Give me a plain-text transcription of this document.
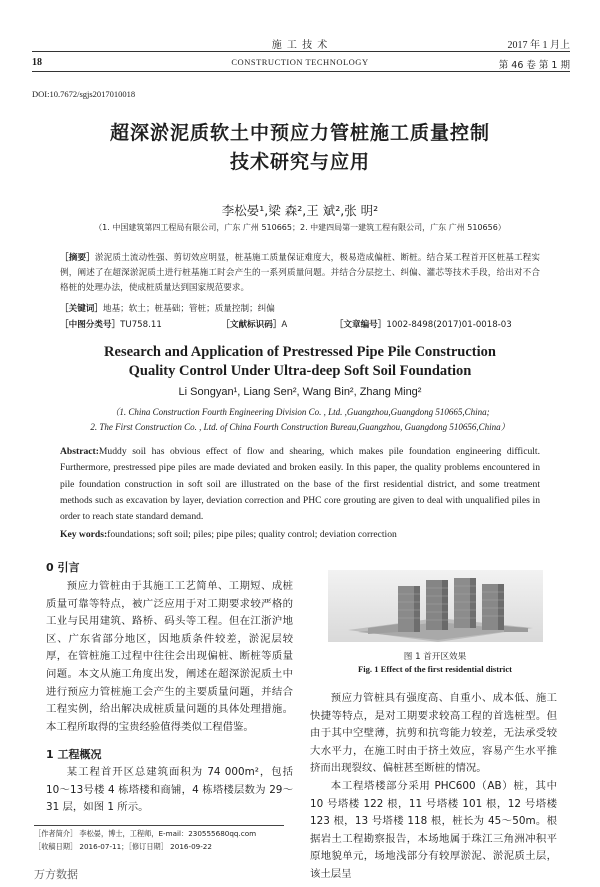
施 工 技 术	2017 年 1 月上
18	CONSTRUCTION TECHNOLOGY	第 46 卷 第 1 期
DOI:10.7672/sgjs2017010018
超深淤泥质软土中预应力管桩施工质量控制
技术研究与应用
李松晏¹,梁 森²,王 斌²,张 明²
（1. 中国建筑第四工程局有限公司，广东 广州 510665；2. 中建四局第一建筑工程有限公司，广东 广州 510656）
［摘要］淤泥质土流动性强、剪切效应明显，桩基施工质量保证难度大，极易造成偏桩、断桩。结合某工程首开区桩基工程实例，阐述了在超深淤泥质土进行桩基施工时会产生的一系列质量问题。并结合分层挖土、纠偏、灌芯等技术手段，给出对不合格桩的处理办法，使成桩质量达到国家规范要求。
［关键词］地基；软土；桩基础；管桩；质量控制；纠偏
［中图分类号］TU758.11	［文献标识码］A	［文章编号］1002-8498(2017)01-0018-03
Research and Application of Prestressed Pipe Pile Construction
Quality Control Under Ultra-deep Soft Soil Foundation
Li Songyan¹, Liang Sen², Wang Bin², Zhang Ming²
（1. China Construction Fourth Engineering Division Co. , Ltd. ,Guangzhou,Guangdong 510665,China;
2. The First Construction Co. , Ltd. of China Fourth Construction Bureau,Guangzhou, Guangdong 510656,China）
Abstract:Muddy soil has obvious effect of flow and shearing, which makes pile foundation engineering difficult. Furthermore, prestressed pipe piles are made deviated and broken easily. In this paper, the quality problems encountered in pile foundation construction in soft soil are illustrated on the base of the first residential district, and some treatment methods such as excavation by layer, deviation correction and PHC core grouting are given to deal with unqualified piles in order to reach state standard demand.
Key words:foundations; soft soil; piles; pipe piles; quality control; deviation correction
0 引言

预应力管桩由于其施工工艺简单、工期短、成桩质量可靠等特点，被广泛应用于对工期要求较严格的工业与民用建筑、路桥、码头等工程。但在江浙沪地区、广东省部分地区，因地质条件较差，淤泥层较厚，在管桩施工过程中往往会出现偏桩、断桩等质量问题。本文从施工角度出发，阐述在超深淤泥质土中进行预应力管桩施工会产生的主要质量问题，并结合工程实例，给出解决成桩质量问题的具体处理措施。本工程所取得的宝贵经验值得类似工程借鉴。

1 工程概况

某工程首开区总建筑面积为 74 000m²，包括 10～13号楼 4 栋塔楼和商铺，4 栋塔楼层数为 29～31 层，如图 1 所示。

［作者简介］ 李松晏，博士，工程师，E-mail：230555680qq.com
［收稿日期］ 2016-07-11；［修订日期］ 2016-09-22
万方数据
图 1 首开区效果
Fig. 1 Effect of the first residential district

预应力管桩具有强度高、自重小、成本低、施工快捷等特点，是对工期要求较高工程的首选桩型。但由于其中空壁薄，抗剪和抗弯能力较差，无法承受较大水平力，在施工时由于挤土效应，容易产生水平推挤而出现裂纹、偏桩甚至断桩的情况。

本工程塔楼部分采用 PHC600（AB）桩，其中 10 号塔楼 122 根，11 号塔楼 101 根，12 号塔楼 123 根，13 号塔楼 118 根，桩长为 45～50m。根据岩土工程勘察报告，本场地属于珠江三角洲冲积平原地貌单元，场地浅部分有较厚淤泥、淤泥质土层，该土层呈
